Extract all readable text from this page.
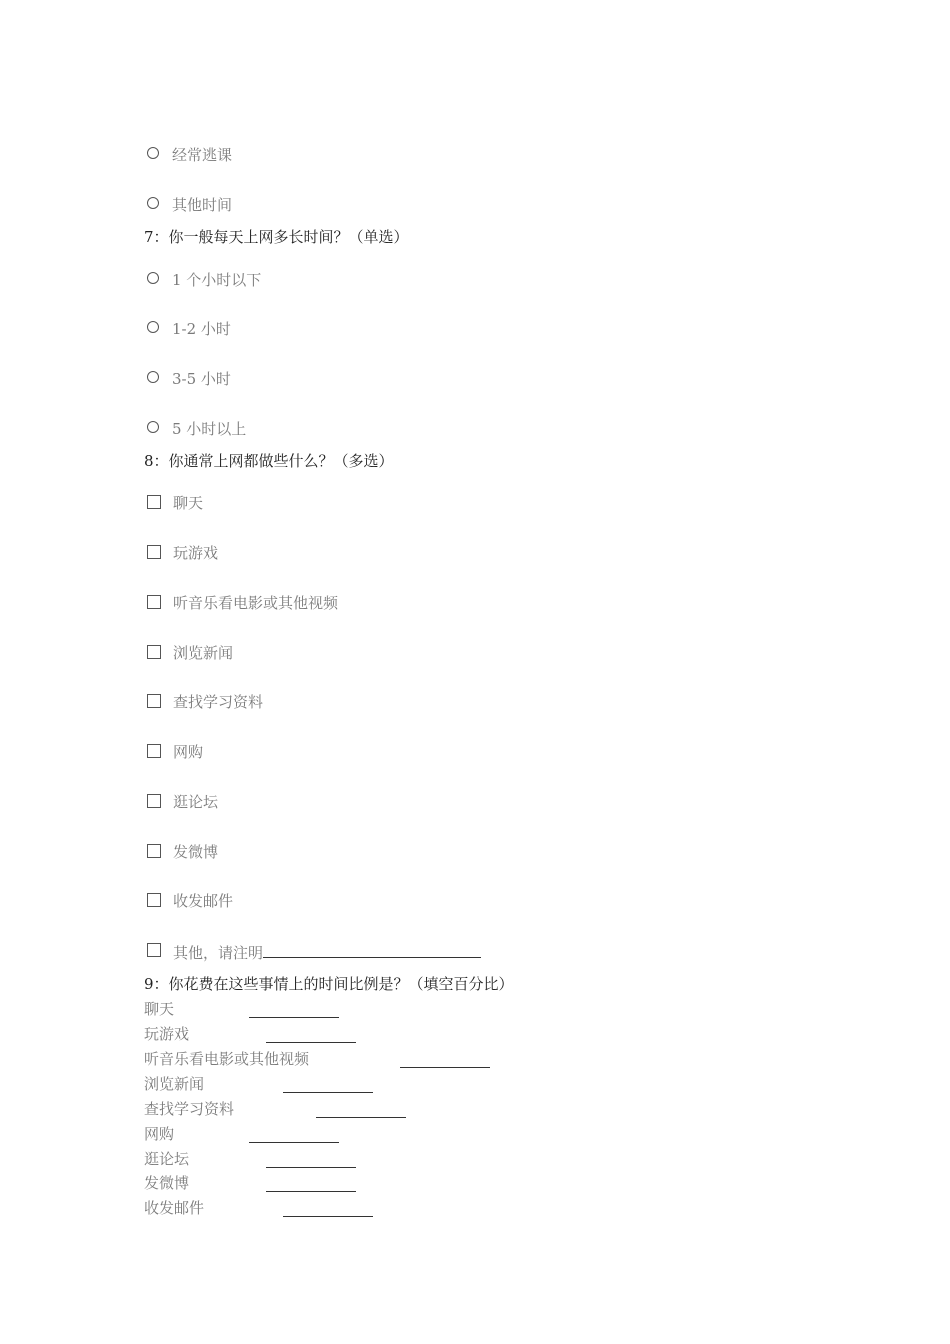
经常逃课
其他时间
7：你一般每天上网多长时间？（单选）
1 个小时以下
1-2 小时
3-5 小时
5 小时以上
8：你通常上网都做些什么？（多选）
聊天
玩游戏
听音乐看电影或其他视频
浏览新闻
查找学习资料
网购
逛论坛
发微博
收发邮件
其他，请注明
9：你花费在这些事情上的时间比例是？（填空百分比）
聊天
玩游戏
听音乐看电影或其他视频
浏览新闻
查找学习资料
网购
逛论坛
发微博
收发邮件
